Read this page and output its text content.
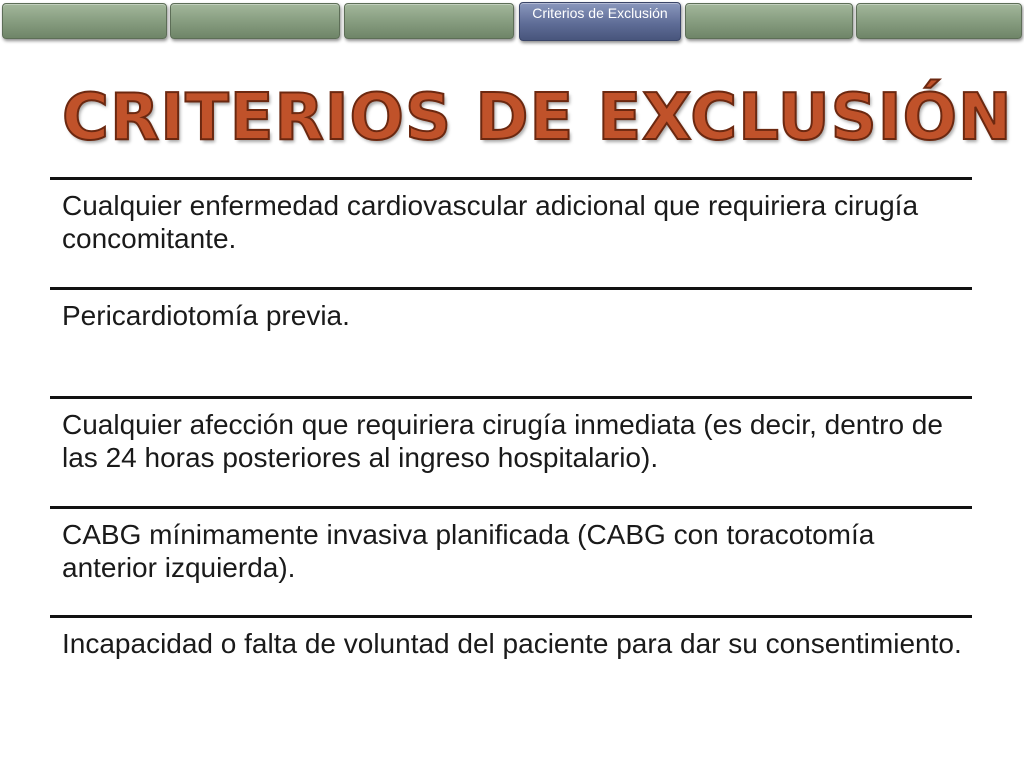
Criterios de Exclusión
CRITERIOS DE EXCLUSIÓN
Cualquier enfermedad cardiovascular adicional que requiriera cirugía concomitante.
Pericardiotomía previa.
Cualquier afección que requiriera cirugía inmediata (es decir, dentro de las 24 horas posteriores al ingreso hospitalario).
CABG mínimamente invasiva planificada (CABG con toracotomía anterior izquierda).
Incapacidad o falta de voluntad del paciente para dar su consentimiento.
